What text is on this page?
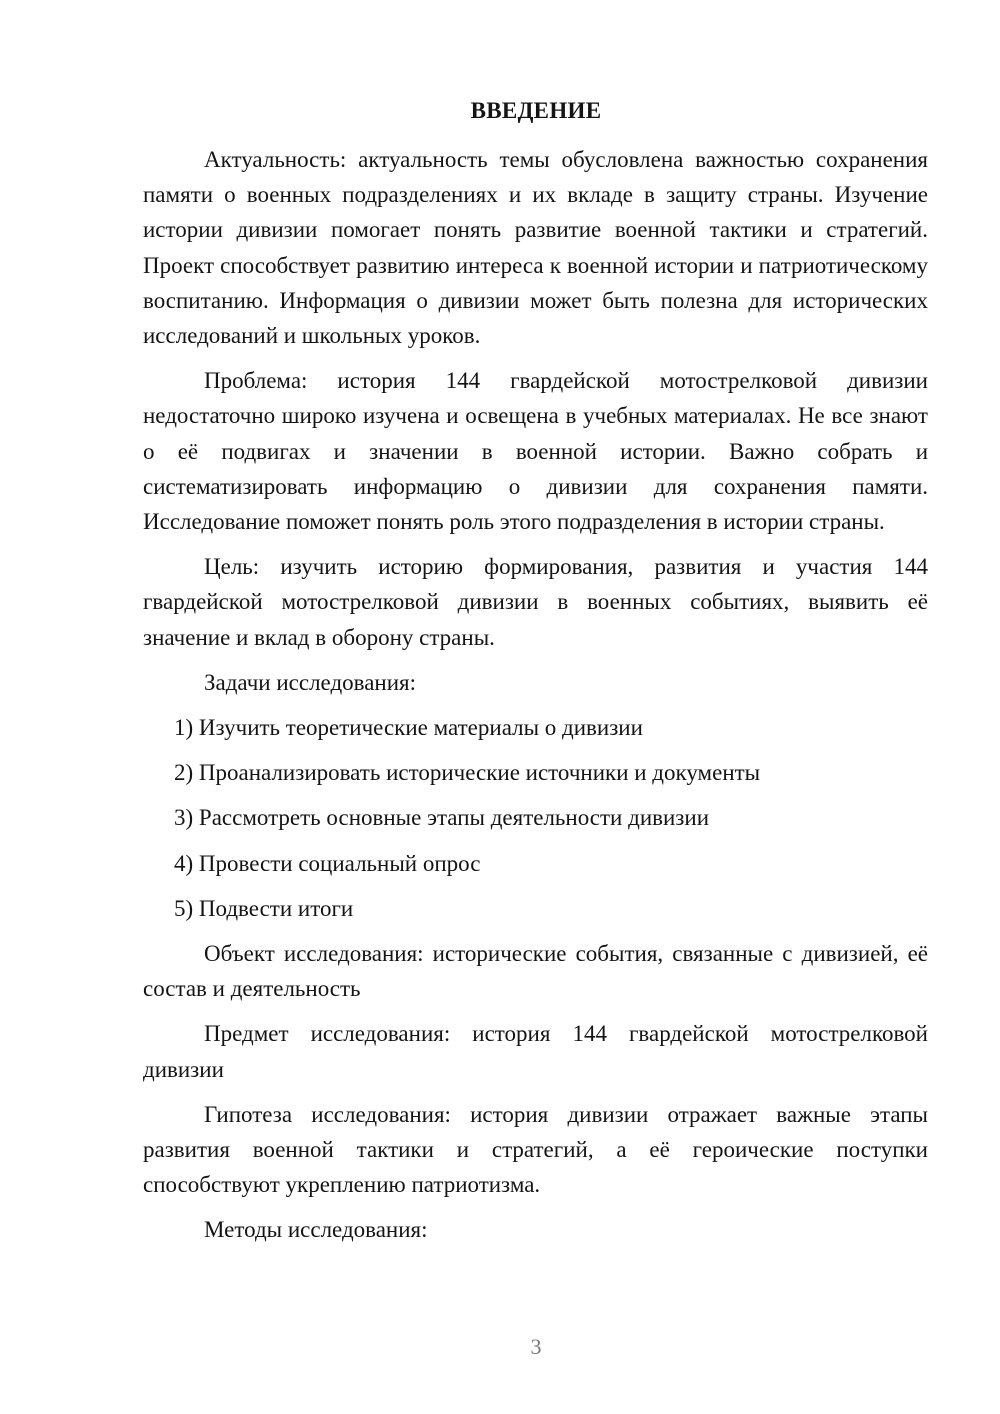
ВВЕДЕНИЕ

Актуальность: актуальность темы обусловлена важностью сохранения памяти о военных подразделениях и их вкладе в защиту страны. Изучение истории дивизии помогает понять развитие военной тактики и стратегий. Проект способствует развитию интереса к военной истории и патриотическому воспитанию. Информация о дивизии может быть полезна для исторических исследований и школьных уроков.

Проблема: история 144 гвардейской мотострелковой дивизии недостаточно широко изучена и освещена в учебных материалах. Не все знают о её подвигах и значении в военной истории. Важно собрать и систематизировать информацию о дивизии для сохранения памяти. Исследование поможет понять роль этого подразделения в истории страны.

Цель: изучить историю формирования, развития и участия 144 гвардейской мотострелковой дивизии в военных событиях, выявить её значение и вклад в оборону страны.

Задачи исследования:

1) Изучить теоретические материалы о дивизии
2) Проанализировать исторические источники и документы
3) Рассмотреть основные этапы деятельности дивизии
4) Провести социальный опрос
5) Подвести итоги

Объект исследования: исторические события, связанные с дивизией, её состав и деятельность

Предмет исследования: история 144 гвардейской мотострелковой дивизии

Гипотеза исследования: история дивизии отражает важные этапы развития военной тактики и стратегий, а её героические поступки способствуют укреплению патриотизма.

Методы исследования:

3
